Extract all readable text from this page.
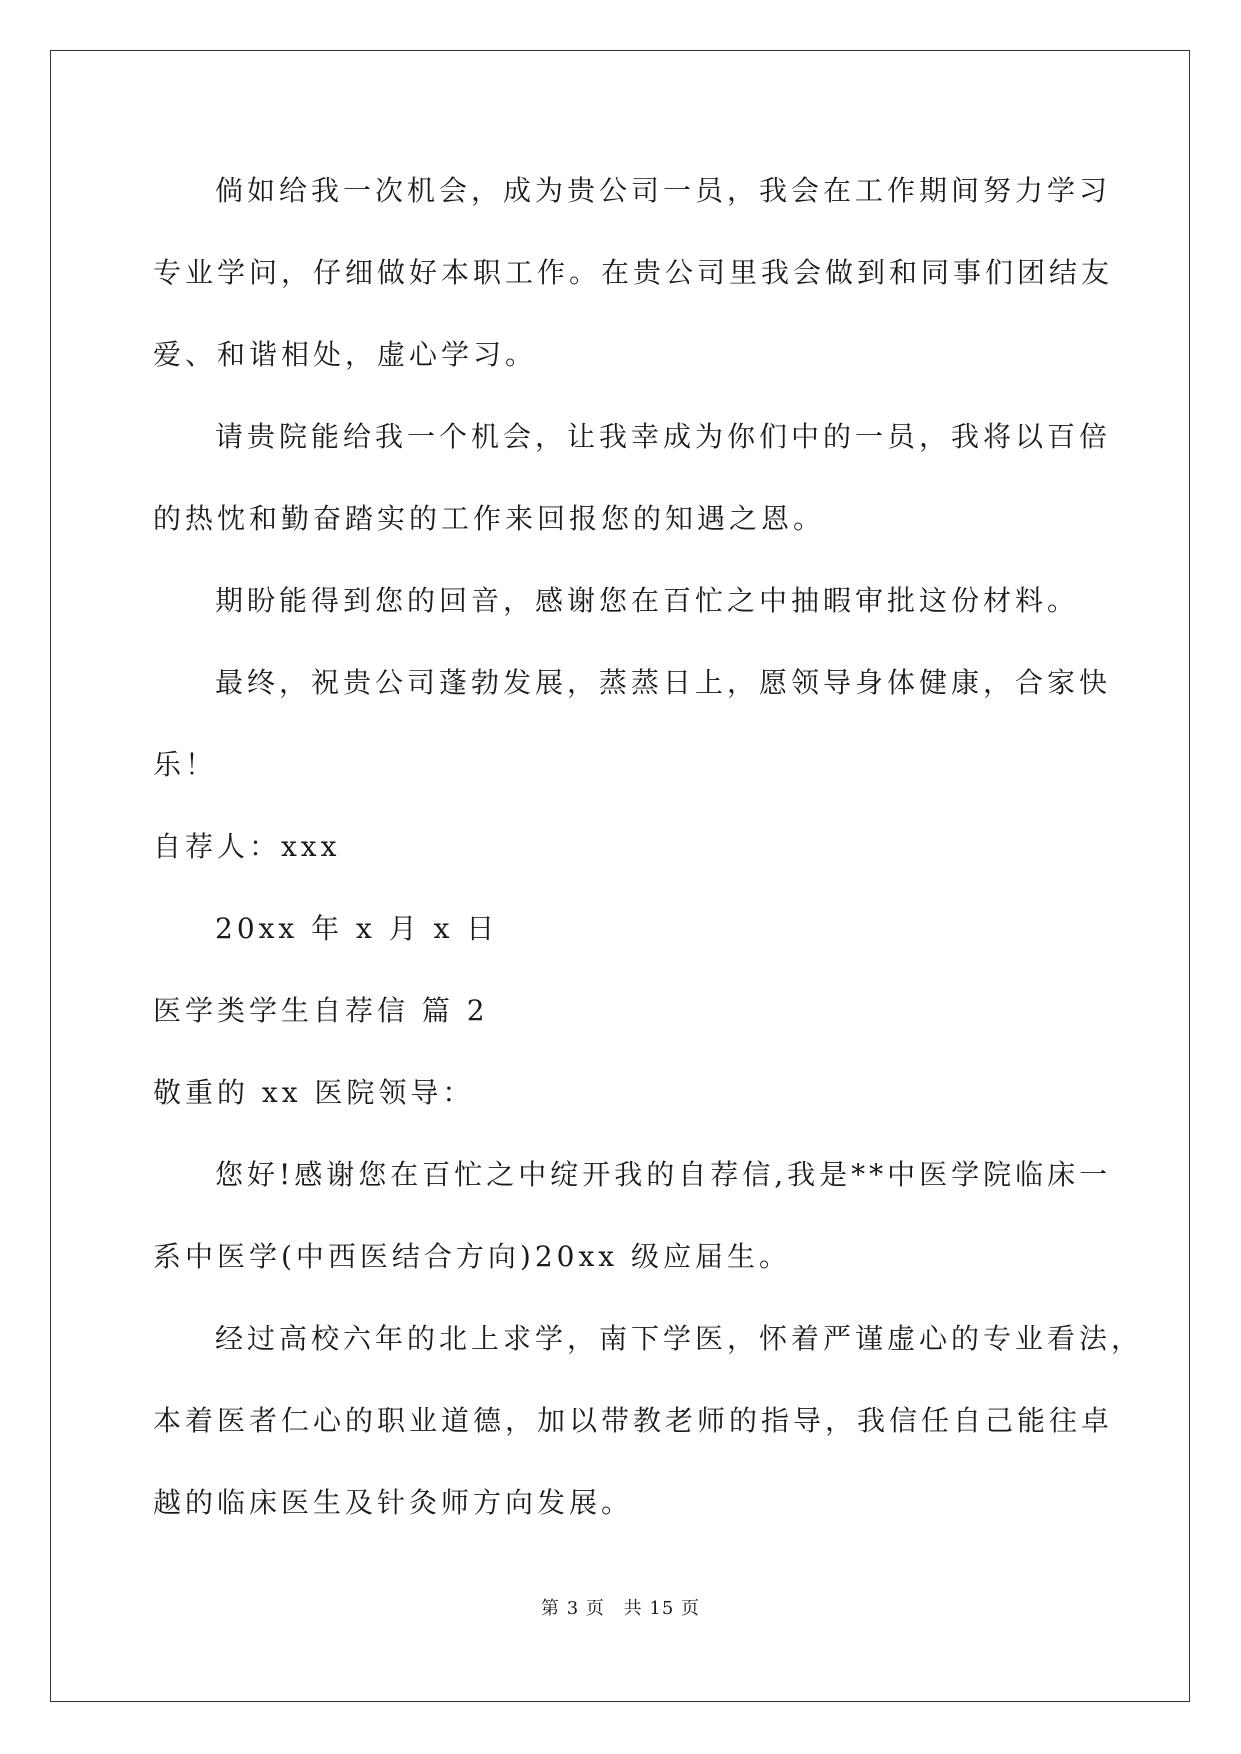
倘如给我一次机会，成为贵公司一员，我会在工作期间努力学习
专业学问，仔细做好本职工作。在贵公司里我会做到和同事们团结友
爱、和谐相处，虚心学习。
请贵院能给我一个机会，让我幸成为你们中的一员，我将以百倍
的热忱和勤奋踏实的工作来回报您的知遇之恩。
期盼能得到您的回音，感谢您在百忙之中抽暇审批这份材料。
最终，祝贵公司蓬勃发展，蒸蒸日上，愿领导身体健康，合家快
乐！
自荐人：xxx
20xx 年 x 月 x 日
医学类学生自荐信 篇 2
敬重的 xx 医院领导：
您好!感谢您在百忙之中绽开我的自荐信,我是**中医学院临床一
系中医学(中西医结合方向)20xx 级应届生。
经过高校六年的北上求学，南下学医，怀着严谨虚心的专业看法，
本着医者仁心的职业道德，加以带教老师的指导，我信任自己能往卓
越的临床医生及针灸师方向发展。
第 3 页 共 15 页
